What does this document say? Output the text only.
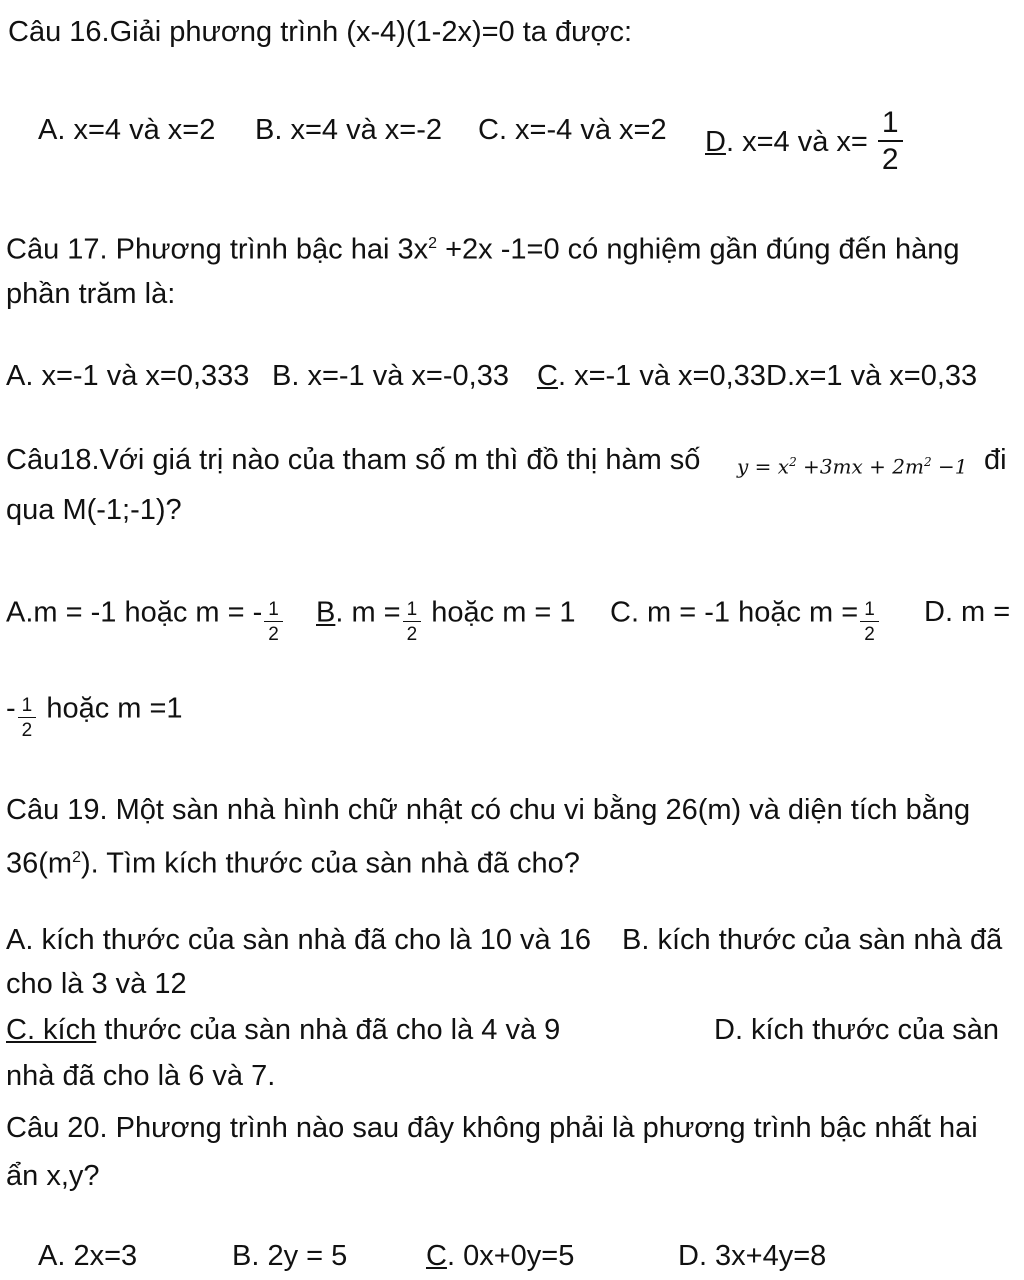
Câu 16.Giải phương trình (x-4)(1-2x)=0 ta được:
A. x=4 và x=2 B. x=4 và x=-2 C. x=-4 và x=2 D. x=4 và $x= \frac{1}{2}$
Câu 17. Phương trình bậc hai $3x^2 +2x$ -1=0 có nghiệm gần đúng đến hàng
phần trăm là:
A. x=-1 và x=0,333 B. x=-1 và x=-0,33 C. x=-1 và x=0,33 D.x=1 và x=0,33
Câu18.Với giá trị nào của tham số m thì đồ thị hàm số $y = x^2 +3mx + 2m^2 -1$ đi
qua M(-1;-1)?
A.m = -1 hoặc m = - $\frac{1}{2} B$. $m = \frac{1}{2}$ hoặc m = 1 C. m = -1 hoặc $m = \frac{1}{2} D$. m =
- $\frac{1}{2}$ hoặc m =1
Câu 19. Một sàn nhà hình chữ nhật có chu vi bằng 26(m) và diện tích bằng
$36(m^2)$. Tìm kích thước của sàn nhà đã cho?
A. kích thước của sàn nhà đã cho là 10 và 16 B. kích thước của sàn nhà đã
cho là 3 và 12
C. kích thước của sàn nhà đã cho là 4 và 9	D. kích thước của sàn
nhà đã cho là 6 và 7.
Câu 20. Phương trình nào sau đây không phải là phương trình bậc nhất hai
ẩn x,y?
A. 2x=3	B. 2y = 5	C. 0x+0y=5	D. 3x+4y=8
